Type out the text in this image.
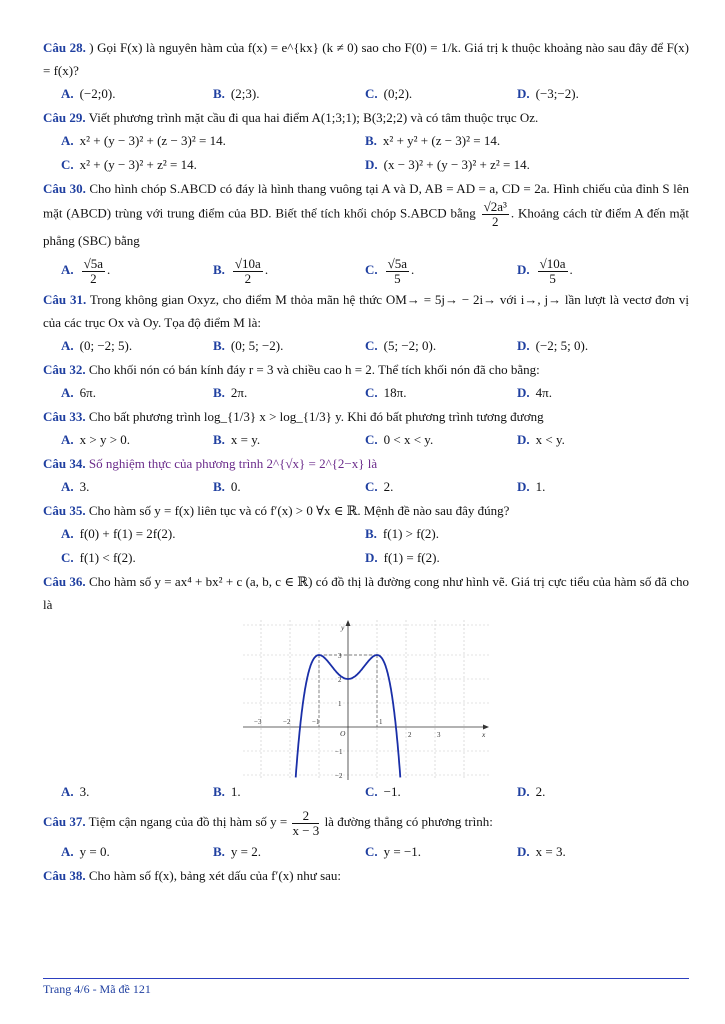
Câu 28. ) Gọi F(x) là nguyên hàm của f(x) = e^{kx} (k ≠ 0) sao cho F(0) = 1/k. Giá trị k thuộc khoảng nào sau đây để F(x) = f(x)?

A. (−2;0).	B. (2;3).	C. (0;2).	D. (−3;−2).

Câu 29. Viết phương trình mặt cầu đi qua hai điểm A(1;3;1); B(3;2;2) và có tâm thuộc trục Oz.

A. x² + (y − 3)² + (z − 3)² = 14.	B. x² + y² + (z − 3)² = 14.
C. x² + (y − 3)² + z² = 14.	D. (x − 3)² + (y − 3)² + z² = 14.

Câu 30. Cho hình chóp S.ABCD có đáy là hình thang vuông tại A và D, AB = AD = a, CD = 2a. Hình chiếu của đỉnh S lên mặt (ABCD) trùng với trung điểm của BD. Biết thể tích khối chóp S.ABCD bằng $\frac{\text{√2a³}}{2}$ . Khoảng cách từ điểm A đến mặt phẳng (SBC) bằng

A. $\frac{√5a}{2}$ .	B. $\frac{√10a}{2}$ .	C. $\frac{√5a}{5}$ .	D. $\frac{√10a}{5}$ .

Câu 31. Trong không gian Oxyz, cho điểm M thỏa mãn hệ thức OM→ = 5j→ − 2i→ với i→, j→ lần lượt là vectơ đơn vị của các trục Ox và Oy. Tọa độ điểm M là:

A. (0; −2; 5).	B. (0; 5; −2).	C. (5; −2; 0).	D. (−2; 5; 0).

Câu 32. Cho khối nón có bán kính đáy r = 3 và chiều cao h = 2. Thể tích khối nón đã cho bằng:

A. 6π.	B. 2π.	C. 18π.	D. 4π.

Câu 33. Cho bất phương trình log_{1/3} x > log_{1/3} y. Khi đó bất phương trình tương đương

A. x > y > 0.	B. x = y.	C. 0 < x < y.	D. x < y.

Câu 34. Số nghiệm thực của phương trình 2^{√x} = 2^{2−x} là

A. 3.	B. 0.	C. 2.	D. 1.

Câu 35. Cho hàm số y = f(x) liên tục và có f′(x) > 0 ∀x ∈ ℝ. Mệnh đề nào sau đây đúng?

A. f(0) + f(1) = 2f(2).	B. f(1) > f(2).
C. f(1) < f(2).	D. f(1) = f(2).

Câu 36. Cho hàm số y = ax⁴ + bx² + c (a, b, c ∈ ℝ) có đồ thị là đường cong như hình vẽ. Giá trị cực tiểu của hàm số đã cho là

y
x
O
−3	−2	−1	1
2	3
3
2
1
−1
−2
A. 3.	B. 1.	C. −1.	D. 2.

Câu 37. Tiệm cận ngang của đồ thị hàm số $y = \frac{2}{x - 3}$ là đường thẳng có phương trình:

A. y = 0.	B. y = 2.	C. y = −1.	D. x = 3.

Câu 38. Cho hàm số f(x), bảng xét dấu của f′(x) như sau:

Trang 4/6 - Mã đề 121
